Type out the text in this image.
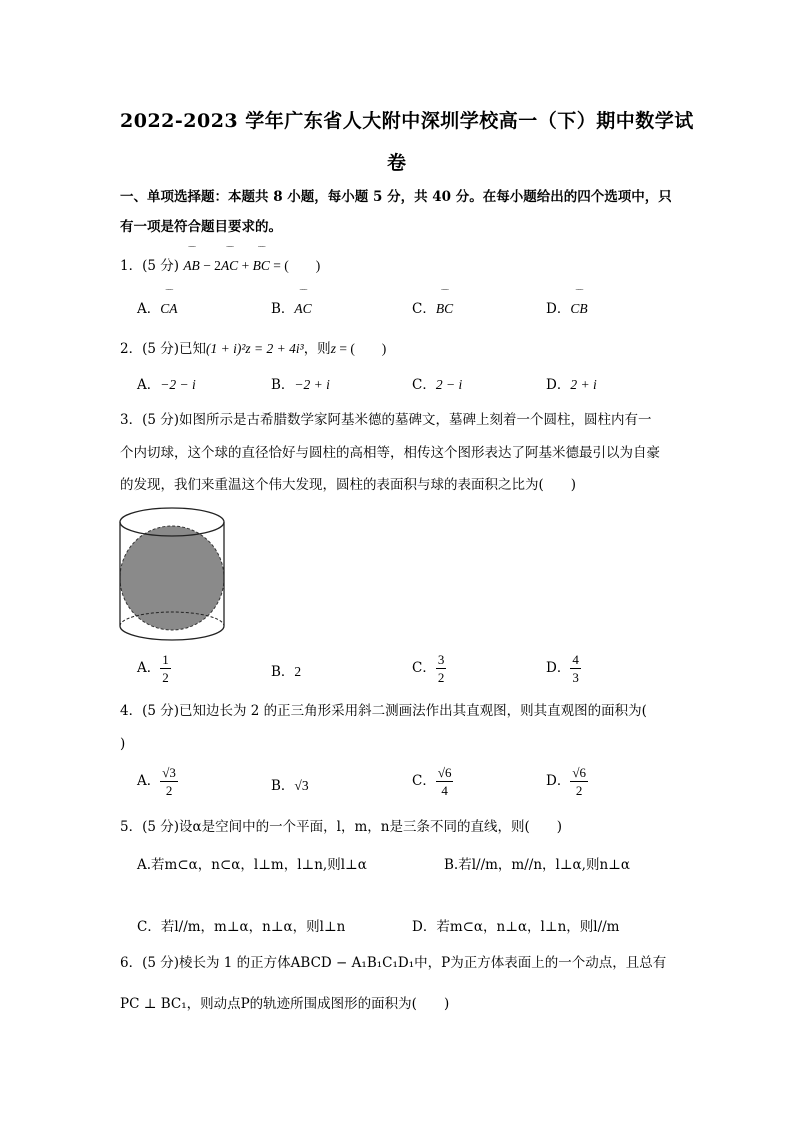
2022-2023 学年广东省人大附中深圳学校高一（下）期中数学试
卷
一、单项选择题：本题共 8 小题，每小题 5 分，共 40 分。在每小题给出的四个选项中，只
有一项是符合题目要求的。
1．(5 分) ‾‾‾ AB − 2‾‾‾ AC + ‾‾‾ BC = (　　)
A．‾‾‾ CA	B．‾‾‾ AC	C．‾‾‾ BC	D．‾‾‾ CB
2．(5 分)已知(1 + i)²z = 2 + 4i³，则z = (　　)
A．−2 − i	B．−2 + i	C．2 − i	D．2 + i
3．(5 分)如图所示是古希腊数学家阿基米德的墓碑文，墓碑上刻着一个圆柱，圆柱内有一
个内切球，这个球的直径恰好与圆柱的高相等，相传这个图形表达了阿基米德最引以为自豪
的发现，我们来重温这个伟大发现，圆柱的表面积与球的表面积之比为(　　)
A． $\frac{1}{2}$	B．2	C． $\frac{3}{2}$	D． $\frac{4}{3}$
4．(5 分)已知边长为 2 的正三角形采用斜二测画法作出其直观图，则其直观图的面积为(
)
A． $\frac{√3}{2}$	B．√3	C． $\frac{√6}{4}$	D． $\frac{√6}{2}$
5．(5 分)设α是空间中的一个平面，l，m，n是三条不同的直线，则(　　)
A.若m⊂α，n⊂α，l⊥m，l⊥n,则l⊥α	B.若l//m，m//n，l⊥α,则n⊥α
C．若l//m，m⊥α，n⊥α，则l⊥n	D．若m⊂α，n⊥α，l⊥n，则l//m
6．(5 分)棱长为 1 的正方体ABCD − A₁B₁C₁D₁中，P为正方体表面上的一个动点，且总有
PC ⊥ BC₁，则动点P的轨迹所围成图形的面积为(　　)
